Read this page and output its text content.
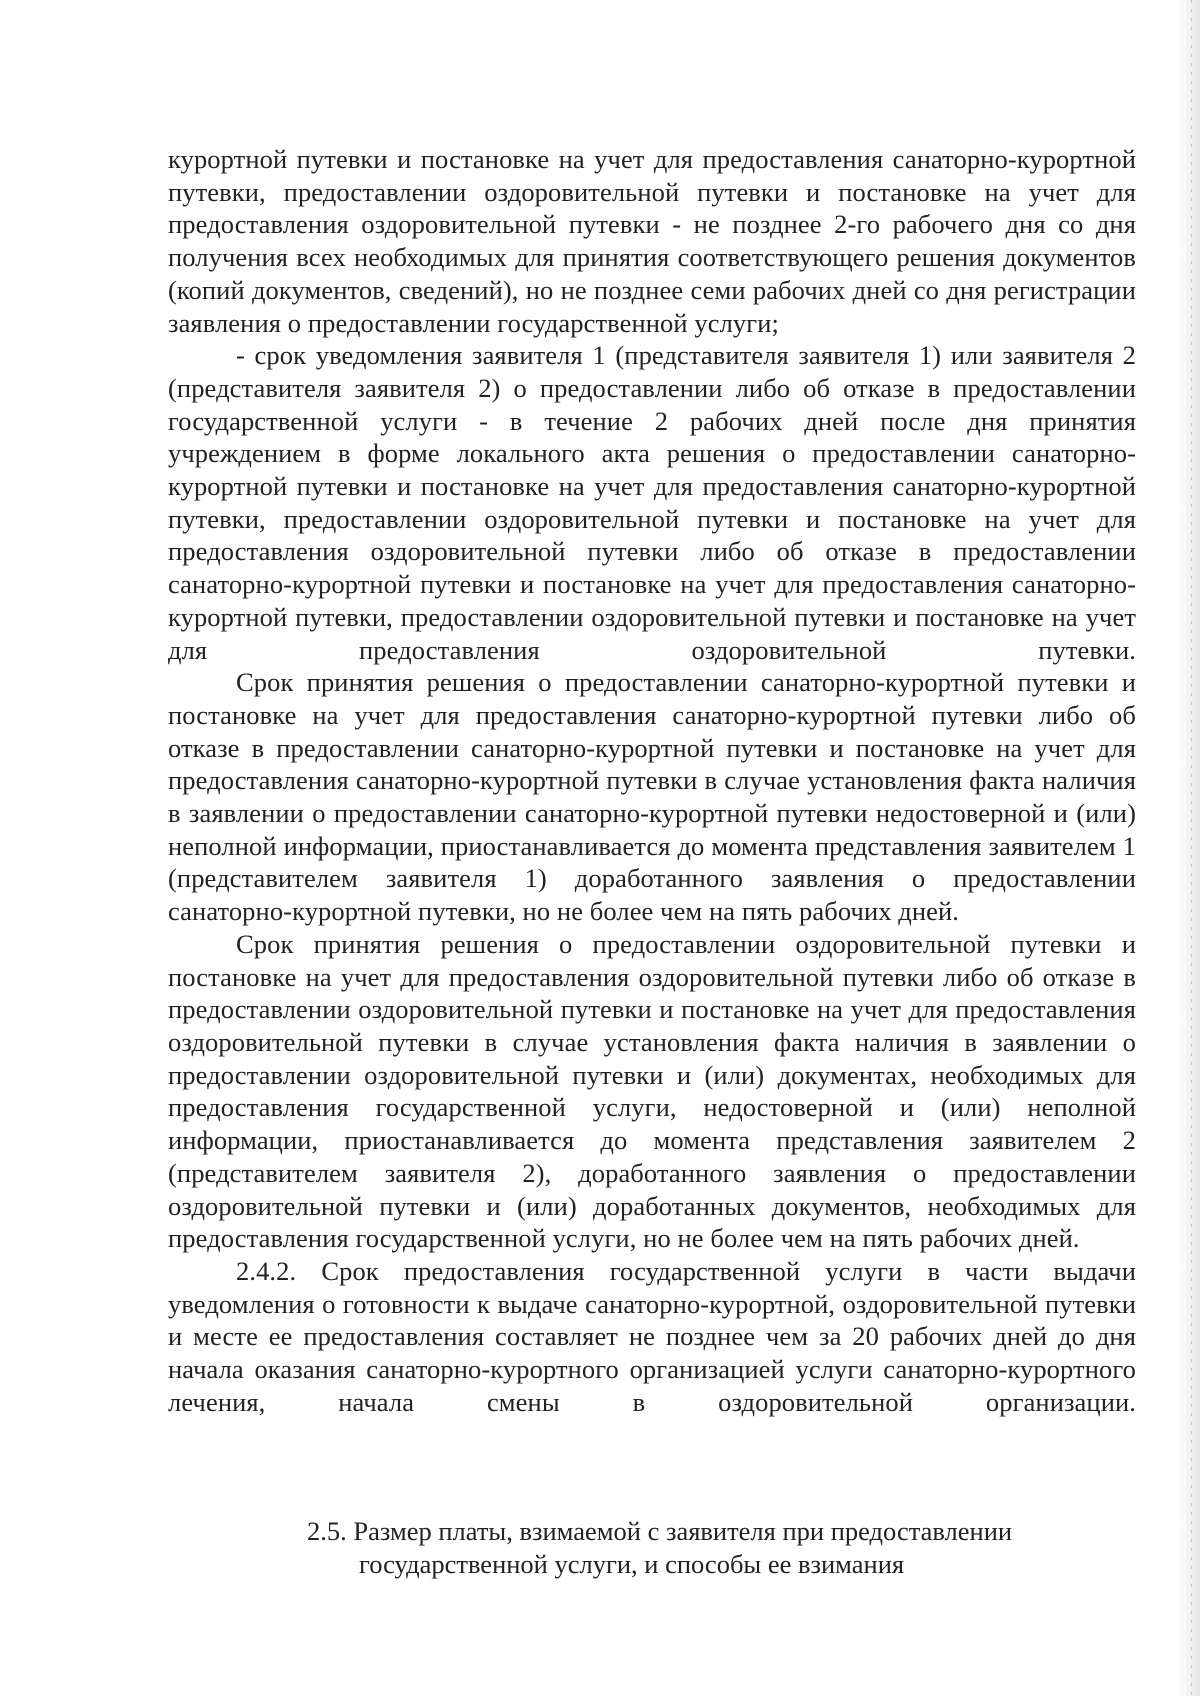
курортной путевки и постановке на учет для предоставления санаторно-курортной путевки, предоставлении оздоровительной путевки и постановке на учет для предоставления оздоровительной путевки - не позднее 2-го рабочего дня со дня получения всех необходимых для принятия соответствующего решения документов (копий документов, сведений), но не позднее семи рабочих дней со дня регистрации заявления о предоставлении государственной услуги;

- срок уведомления заявителя 1 (представителя заявителя 1) или заявителя 2 (представителя заявителя 2) о предоставлении либо об отказе в предоставлении государственной услуги - в течение 2 рабочих дней после дня принятия учреждением в форме локального акта решения о предоставлении санаторно-курортной путевки и постановке на учет для предоставления санаторно-курортной путевки, предоставлении оздоровительной путевки и постановке на учет для предоставления оздоровительной путевки либо об отказе в предоставлении санаторно-курортной путевки и постановке на учет для предоставления санаторно-курортной путевки, предоставлении оздоровительной путевки и постановке на учет для предоставления оздоровительной путевки.

Срок принятия решения о предоставлении санаторно-курортной путевки и постановке на учет для предоставления санаторно-курортной путевки либо об отказе в предоставлении санаторно-курортной путевки и постановке на учет для предоставления санаторно-курортной путевки в случае установления факта наличия в заявлении о предоставлении санаторно-курортной путевки недостоверной и (или) неполной информации, приостанавливается до момента представления заявителем 1 (представителем заявителя 1) доработанного заявления о предоставлении санаторно-курортной путевки, но не более чем на пять рабочих дней.

Срок принятия решения о предоставлении оздоровительной путевки и постановке на учет для предоставления оздоровительной путевки либо об отказе в предоставлении оздоровительной путевки и постановке на учет для предоставления оздоровительной путевки в случае установления факта наличия в заявлении о предоставлении оздоровительной путевки и (или) документах, необходимых для предоставления государственной услуги, недостоверной и (или) неполной информации, приостанавливается до момента представления заявителем 2 (представителем заявителя 2), доработанного заявления о предоставлении оздоровительной путевки и (или) доработанных документов, необходимых для предоставления государственной услуги, но не более чем на пять рабочих дней.

2.4.2. Срок предоставления государственной услуги в части выдачи уведомления о готовности к выдаче санаторно-курортной, оздоровительной путевки и месте ее предоставления составляет не позднее чем за 20 рабочих дней до дня начала оказания санаторно-курортного организацией услуги санаторно-курортного лечения, начала смены в оздоровительной организации.

2.5. Размер платы, взимаемой с заявителя при предоставлении
государственной услуги, и способы ее взимания
